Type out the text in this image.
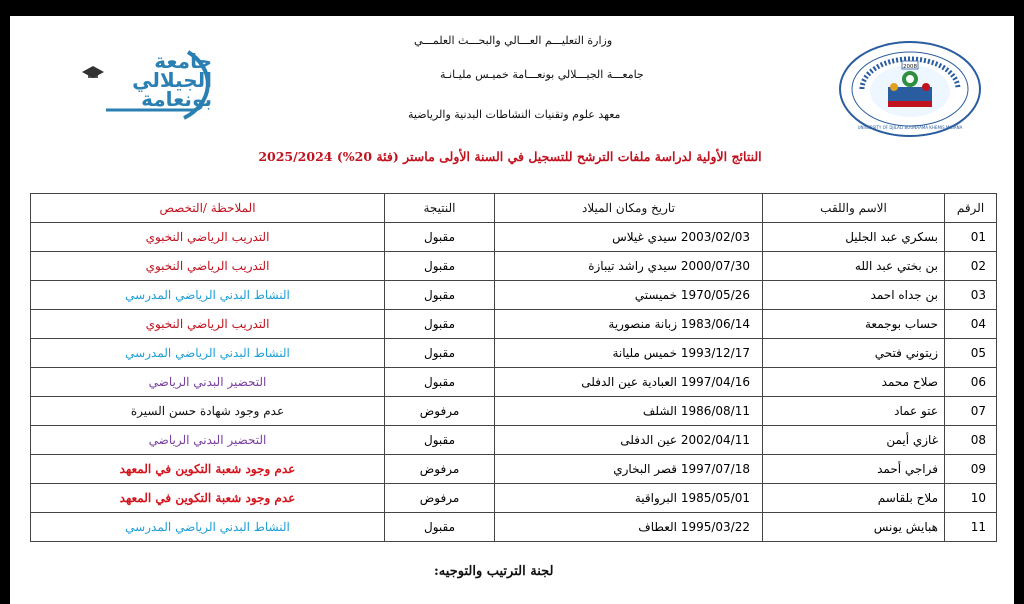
2008
UNIVERSITY OF DJILALI BOUNAAMA KHEMIS MILIANA
جامعة الجيلالي بونعامة
وزارة التعليـــم العـــالي والبحـــث العلمـــي
جامعـــة الجيـــلالي بونعـــامة خميـس مليـانـة
معهد علوم وتقنيات النشاطات البدنية والرياضية
النتائج الأولية لدراسة ملفات الترشح للتسجيل في السنة الأولى ماستر (فئة 20%) 2025/2024
الرقم	الاسم واللقب	تاريخ ومكان الميلاد	النتيجة	الملاحظة /التخصص
01	بسكري عبد الجليل	2003/02/03 سيدي غيلاس	مقبول	التدريب الرياضي النخبوي
02	بن بختي عبد الله	2000/07/30 سيدي راشد تيبازة	مقبول	التدريب الرياضي النخبوي
03	بن جداه احمد	1970/05/26 خميستي	مقبول	النشاط البدني الرياضي المدرسي
04	حساب بوجمعة	1983/06/14 زبانة منصورية	مقبول	التدريب الرياضي النخبوي
05	زيتوني فتحي	1993/12/17 خميس مليانة	مقبول	النشاط البدني الرياضي المدرسي
06	صلاح محمد	1997/04/16 العبادية عين الدفلى	مقبول	التحضير البدني الرياضي
07	عتو عماد	1986/08/11 الشلف	مرفوض	عدم وجود شهادة حسن السيرة
08	غازي أيمن	2002/04/11 عين الدفلى	مقبول	التحضير البدني الرياضي
09	فراجي أحمد	1997/07/18 قصر البخاري	مرفوض	عدم وجود شعبة التكوين في المعهد
10	ملاح بلقاسم	1985/05/01 البرواقية	مرفوض	عدم وجود شعبة التكوين في المعهد
11	هبايش يونس	1995/03/22 العطاف	مقبول	النشاط البدني الرياضي المدرسي
لجنة الترتيب والتوجيه:
